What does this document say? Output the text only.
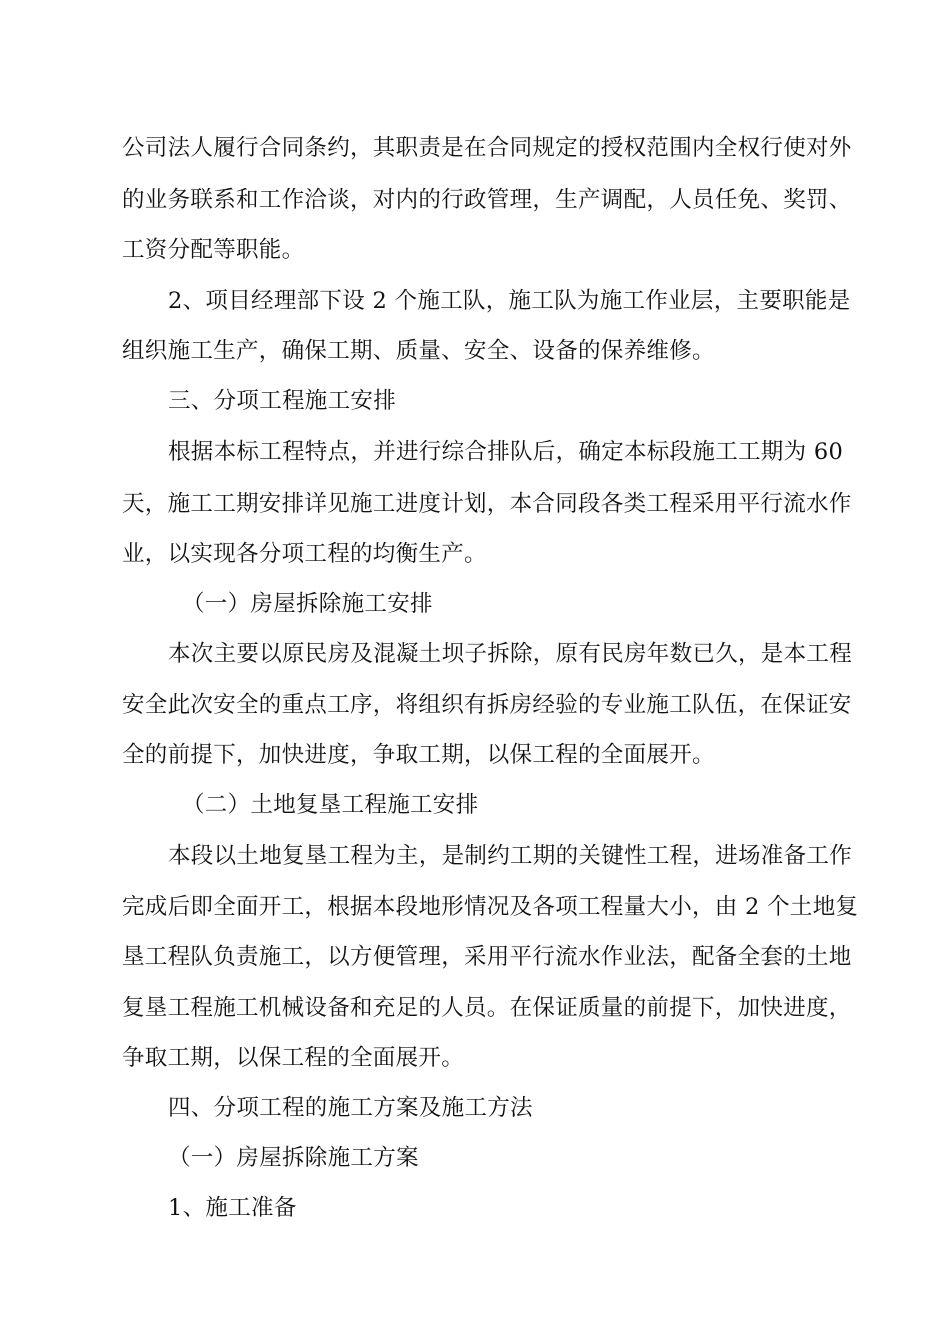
公司法人履行合同条约，其职责是在合同规定的授权范围内全权行使对外
的业务联系和工作洽谈，对内的行政管理，生产调配，人员任免、奖罚、
工资分配等职能。
2、项目经理部下设 2 个施工队，施工队为施工作业层，主要职能是
组织施工生产，确保工期、质量、安全、设备的保养维修。
三、分项工程施工安排
根据本标工程特点，并进行综合排队后，确定本标段施工工期为 60
天，施工工期安排详见施工进度计划，本合同段各类工程采用平行流水作
业，以实现各分项工程的均衡生产。
（一）房屋拆除施工安排
本次主要以原民房及混凝土坝子拆除，原有民房年数已久，是本工程
安全此次安全的重点工序，将组织有拆房经验的专业施工队伍，在保证安
全的前提下，加快进度，争取工期，以保工程的全面展开。
（二）土地复垦工程施工安排
本段以土地复垦工程为主，是制约工期的关键性工程，进场准备工作
完成后即全面开工，根据本段地形情况及各项工程量大小，由 2 个土地复
垦工程队负责施工，以方便管理，采用平行流水作业法，配备全套的土地
复垦工程施工机械设备和充足的人员。在保证质量的前提下，加快进度，
争取工期，以保工程的全面展开。
四、分项工程的施工方案及施工方法
（一）房屋拆除施工方案
1、施工准备
